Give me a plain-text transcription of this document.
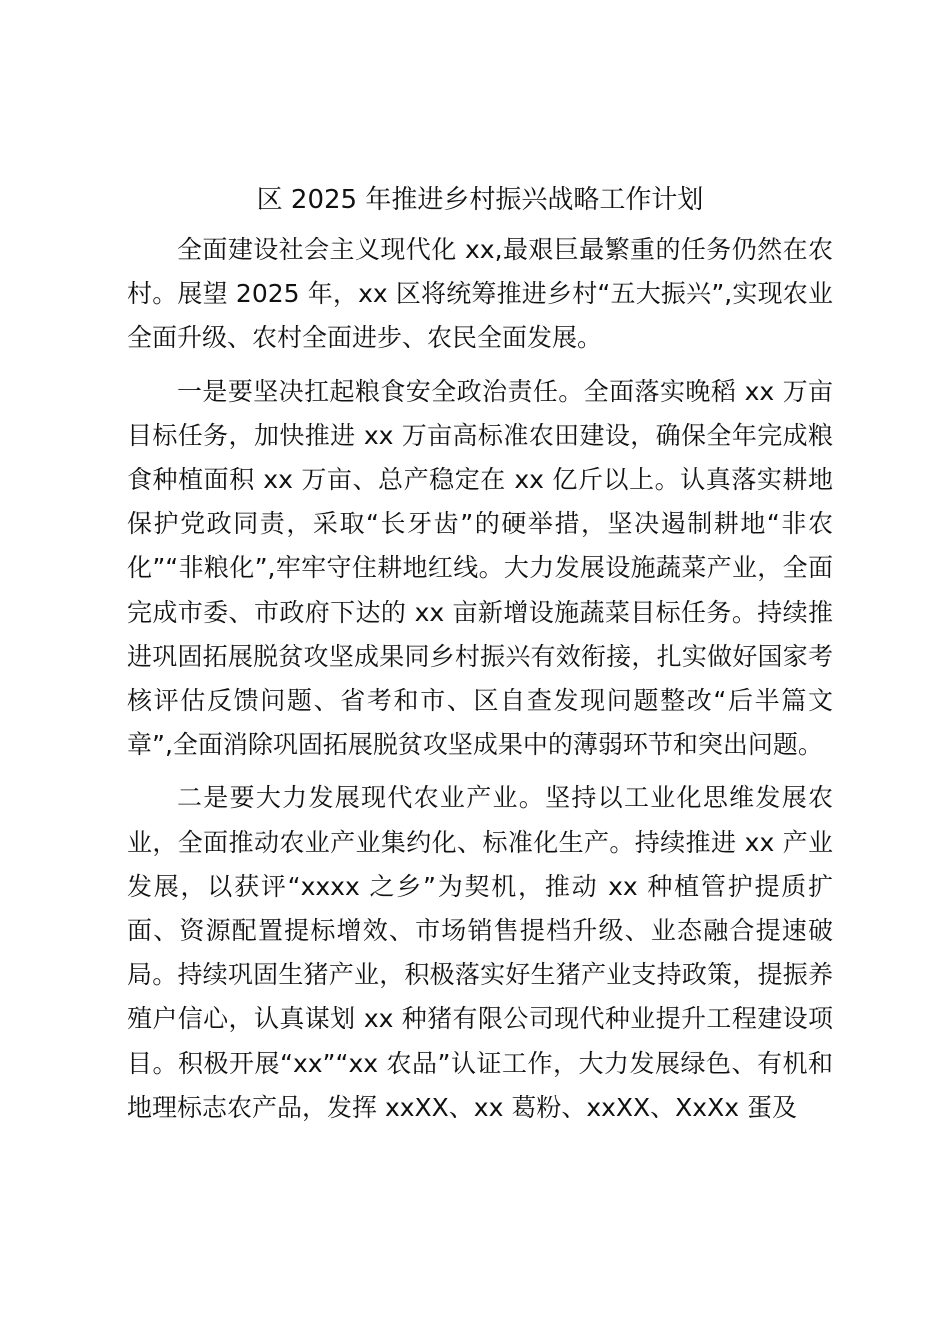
区 2025 年推进乡村振兴战略工作计划

全面建设社会主义现代化 xx,最艰巨最繁重的任务仍然在农村。展望 2025 年，xx 区将统筹推进乡村“五大振兴”,实现农业全面升级、农村全面进步、农民全面发展。

一是要坚决扛起粮食安全政治责任。全面落实晚稻 xx 万亩目标任务，加快推进 xx 万亩高标准农田建设，确保全年完成粮食种植面积 xx 万亩、总产稳定在 xx 亿斤以上。认真落实耕地保护党政同责，采取“长牙齿”的硬举措，坚决遏制耕地“非农化”“非粮化”,牢牢守住耕地红线。大力发展设施蔬菜产业，全面完成市委、市政府下达的 xx 亩新增设施蔬菜目标任务。持续推进巩固拓展脱贫攻坚成果同乡村振兴有效衔接，扎实做好国家考核评估反馈问题、省考和市、区自查发现问题整改“后半篇文章”,全面消除巩固拓展脱贫攻坚成果中的薄弱环节和突出问题。

二是要大力发展现代农业产业。坚持以工业化思维发展农业，全面推动农业产业集约化、标准化生产。持续推进 xx 产业发展，以获评“xxxx 之乡”为契机，推动 xx 种植管护提质扩面、资源配置提标增效、市场销售提档升级、业态融合提速破局。持续巩固生猪产业，积极落实好生猪产业支持政策，提振养殖户信心，认真谋划 xx 种猪有限公司现代种业提升工程建设项目。积极开展“xx”“xx 农品”认证工作，大力发展绿色、有机和地理标志农产品，发挥 xxXX、xx 葛粉、xxXX、XxXx 蛋及
